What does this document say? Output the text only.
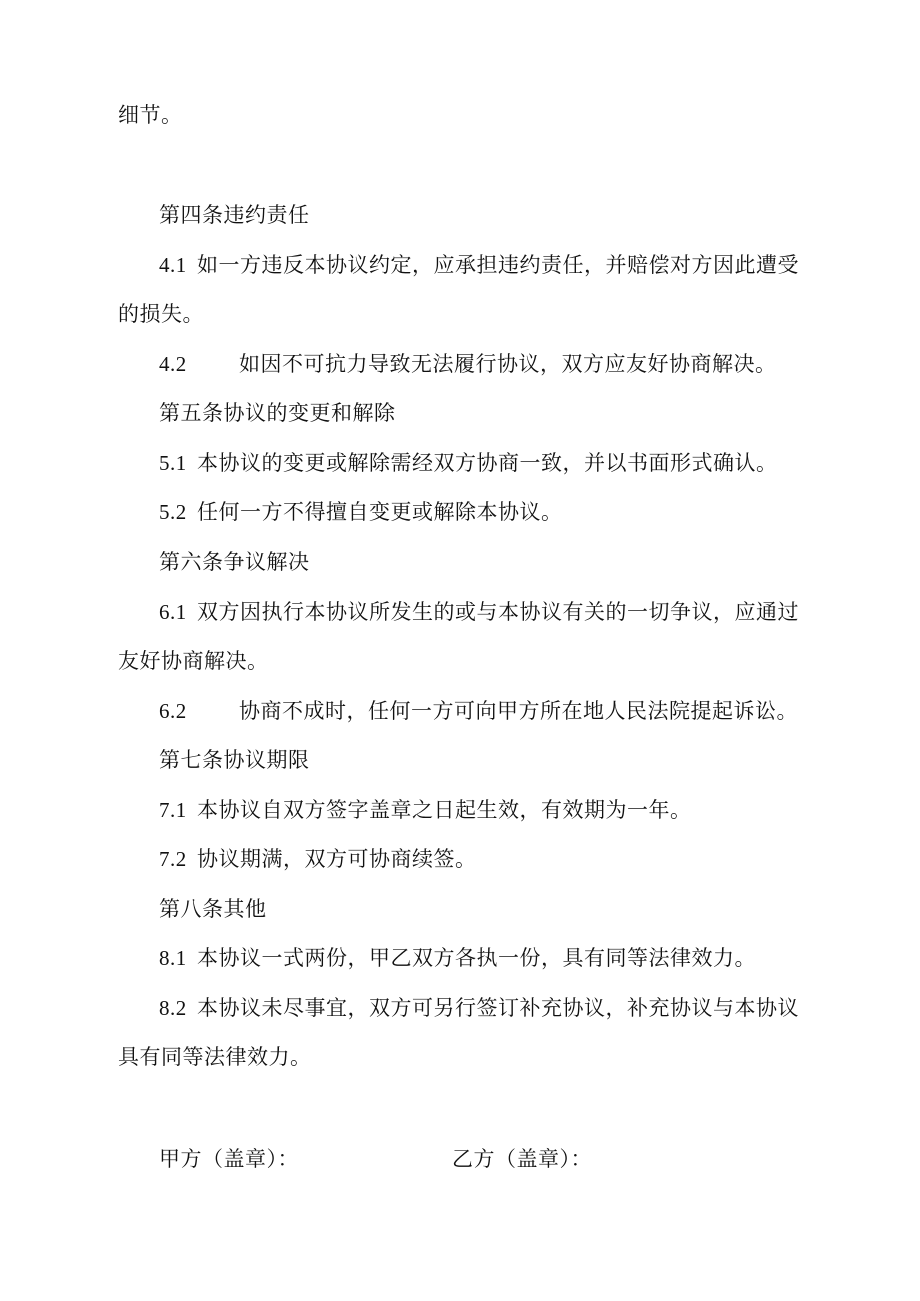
细节。
第四条违约责任
4.1 如一方违反本协议约定，应承担违约责任，并赔偿对方因此遭受
的损失。
4.2 如因不可抗力导致无法履行协议，双方应友好协商解决。
第五条协议的变更和解除
5.1 本协议的变更或解除需经双方协商一致，并以书面形式确认。
5.2 任何一方不得擅自变更或解除本协议。
第六条争议解决
6.1 双方因执行本协议所发生的或与本协议有关的一切争议，应通过
友好协商解决。
6.2 协商不成时，任何一方可向甲方所在地人民法院提起诉讼。
第七条协议期限
7.1 本协议自双方签字盖章之日起生效，有效期为一年。
7.2 协议期满，双方可协商续签。
第八条其他
8.1 本协议一式两份，甲乙双方各执一份，具有同等法律效力。
8.2 本协议未尽事宜，双方可另行签订补充协议，补充协议与本协议
具有同等法律效力。
甲方（盖章）：	乙方（盖章）：
